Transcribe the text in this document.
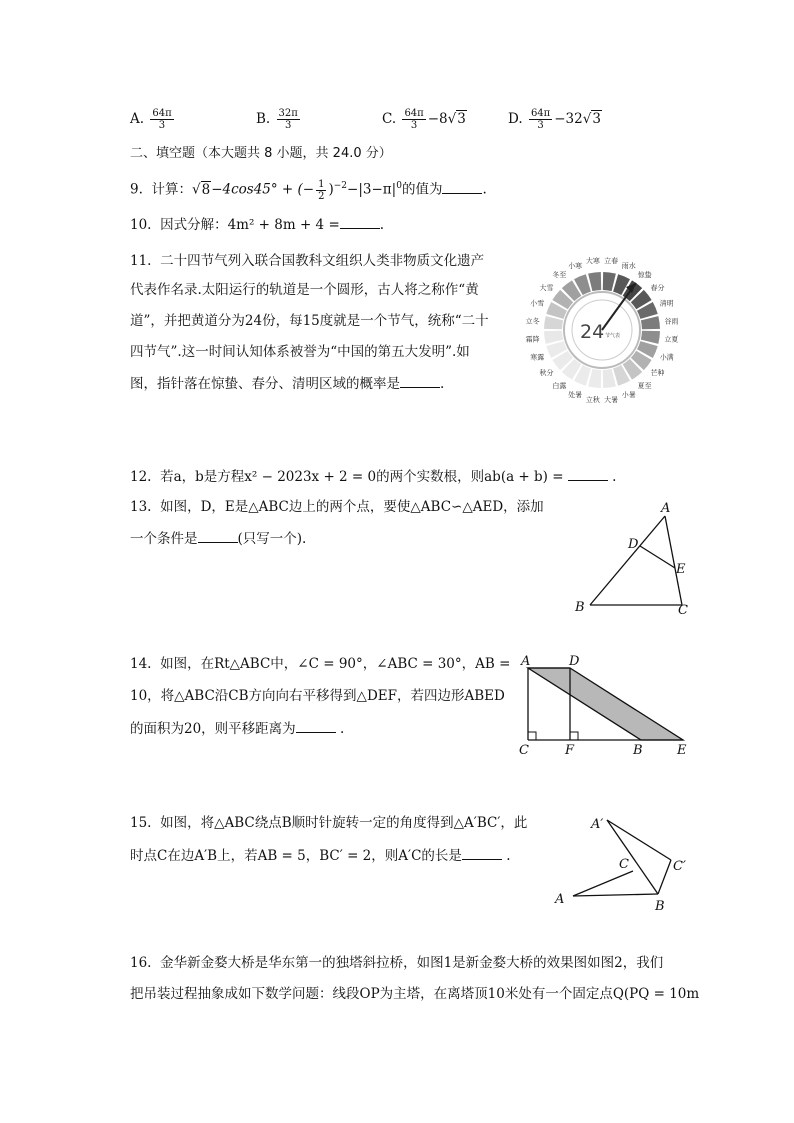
A. $\frac{64\pi}{3}$	B. $\frac{32\pi}{3}$	C. $\frac{64\pi}{3} -8√3$	D. $\frac{64\pi}{3} -32√3$
二、填空题（本大题共 8 小题，共 24.0 分）
9. 计算：√8−4cos45° + (− $\frac{1}{2} )^{-2}-|3-\pi|^0$的值为	.
10. 因式分解：4m² + 8m + 4 =	.
11. 二十四节气列入联合国教科文组织人类非物质文化遗产
代表作名录.太阳运行的轨道是一个圆形，古人将之称作“黄
道”，并把黄道分为24份，每15度就是一个节气，统称“二十
四节气”.这一时间认知体系被誉为“中国的第五大发明”.如
图，指针落在惊蛰、春分、清明区域的概率是	.
小寒
大寒 立春
雨水
惊蛰
春分
清明
谷雨
立夏
小满
芒种
夏至
小暑
大暑
立秋
处暑
白露
秋分
寒露
霜降
立冬
小雪
大雪
冬至
24 节气表
12. 若a，b是方程x² − 2023x + 2 = 0的两个实数根，则ab(a + b) =	.
13. 如图，D，E是△ABC边上的两个点，要使△ABC∽△AED，添加
一个条件是	(只写一个).
A
D
E
B	C
14. 如图，在Rt△ABC中，∠C = 90°，∠ABC = 30°，AB =
10，将△ABC沿CB方向向右平移得到△DEF，若四边形ABED
的面积为20，则平移距离为	.
A	D
C	F	B	E
15. 如图，将△ABC绕点B顺时针旋转一定的角度得到△A′BC′，此
时点C在边A′B上，若AB = 5，BC′ = 2，则A′C的长是	.
A′
C	C′
A	B
16. 金华新金婺大桥是华东第一的独塔斜拉桥，如图1是新金婺大桥的效果图如图2，我们
把吊装过程抽象成如下数学问题：线段OP为主塔，在离塔顶10米处有一个固定点Q(PQ = 10m
